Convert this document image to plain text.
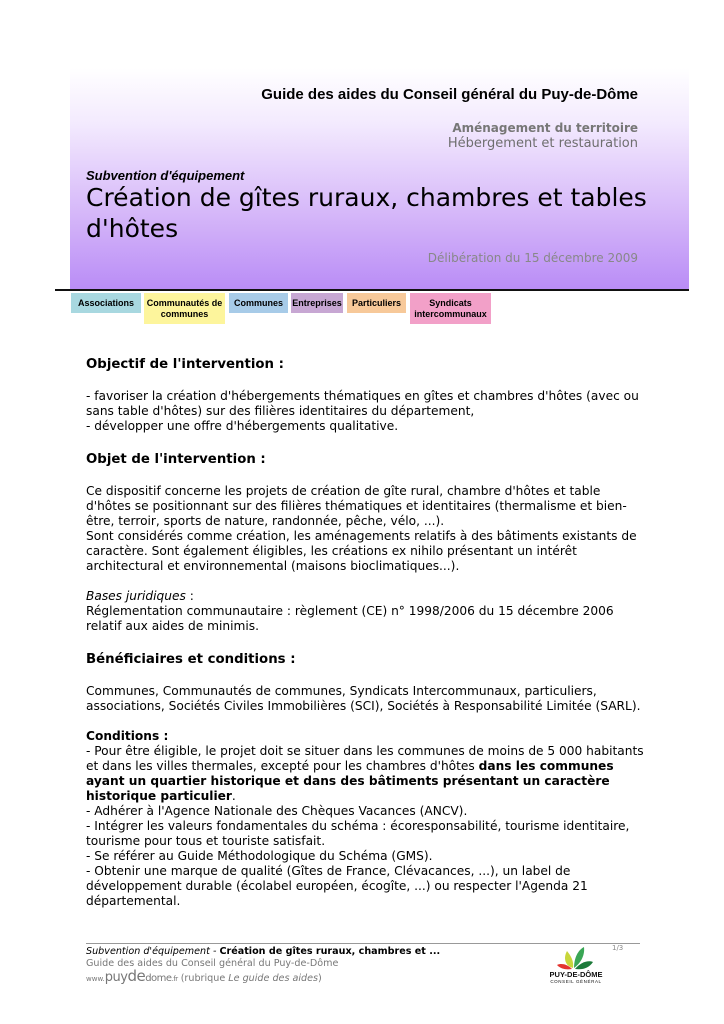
Guide des aides du Conseil général du Puy-de-Dôme
Aménagement du territoire
Hébergement et restauration
Subvention d'équipement
Création de gîtes ruraux, chambres et tables d'hôtes
Délibération du 15 décembre 2009
Associations	Communautés de communes
Communes	Entreprises	Particuliers	Syndicats intercommunaux
Objectif de l'intervention :

- favoriser la création d'hébergements thématiques en gîtes et chambres d'hôtes (avec ou sans table d'hôtes) sur des filières identitaires du département,

- développer une offre d'hébergements qualitative.

Objet de l'intervention :

Ce dispositif concerne les projets de création de gîte rural, chambre d'hôtes et table d'hôtes se positionnant sur des filières thématiques et identitaires (thermalisme et bien-être, terroir, sports de nature, randonnée, pêche, vélo, ...).

Sont considérés comme création, les aménagements relatifs à des bâtiments existants de caractère. Sont également éligibles, les créations ex nihilo présentant un intérêt architectural et environnemental (maisons bioclimatiques...).

Bases juridiques :

Réglementation communautaire : règlement (CE) n° 1998/2006 du 15 décembre 2006 relatif aux aides de minimis.

Bénéficiaires et conditions :

Communes, Communautés de communes, Syndicats Intercommunaux, particuliers, associations, Sociétés Civiles Immobilières (SCI), Sociétés à Responsabilité Limitée (SARL).

Conditions :

- Pour être éligible, le projet doit se situer dans les communes de moins de 5 000 habitants et dans les villes thermales, excepté pour les chambres d'hôtes dans les communes ayant un quartier historique et dans des bâtiments présentant un caractère historique particulier.

- Adhérer à l'Agence Nationale des Chèques Vacances (ANCV).

- Intégrer les valeurs fondamentales du schéma : écoresponsabilité, tourisme identitaire, tourisme pour tous et touriste satisfait.

- Se référer au Guide Méthodologique du Schéma (GMS).

- Obtenir une marque de qualité (Gîtes de France, Clévacances, ...), un label de développement durable (écolabel européen, écogîte, ...) ou respecter l'Agenda 21 départemental.

Subvention d'équipement - Création de gîtes ruraux, chambres et ...
Guide des aides du Conseil général du Puy-de-Dôme
www.puydedome.fr (rubrique Le guide des aides)
1/3
PUY-DE-DÔME
CONSEIL GÉNÉRAL
